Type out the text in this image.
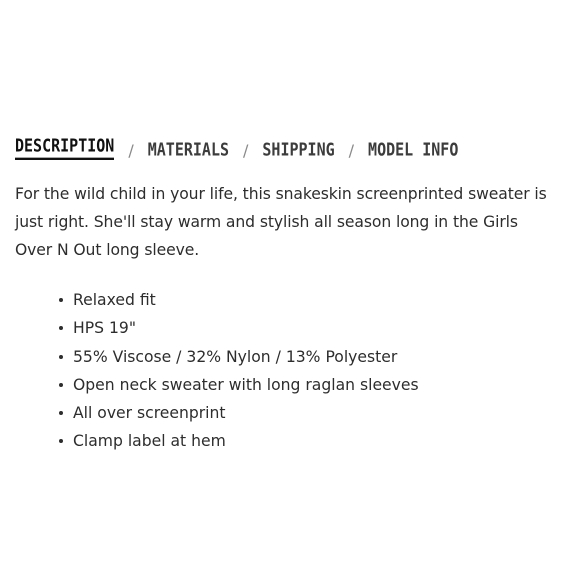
DESCRIPTION / MATERIALS / SHIPPING / MODEL INFO
For the wild child in your life, this snakeskin screenprinted sweater is
just right. She'll stay warm and stylish all season long in the Girls
Over N Out long sleeve.
Relaxed fit
HPS 19"
55% Viscose / 32% Nylon / 13% Polyester
Open neck sweater with long raglan sleeves
All over screenprint
Clamp label at hem
